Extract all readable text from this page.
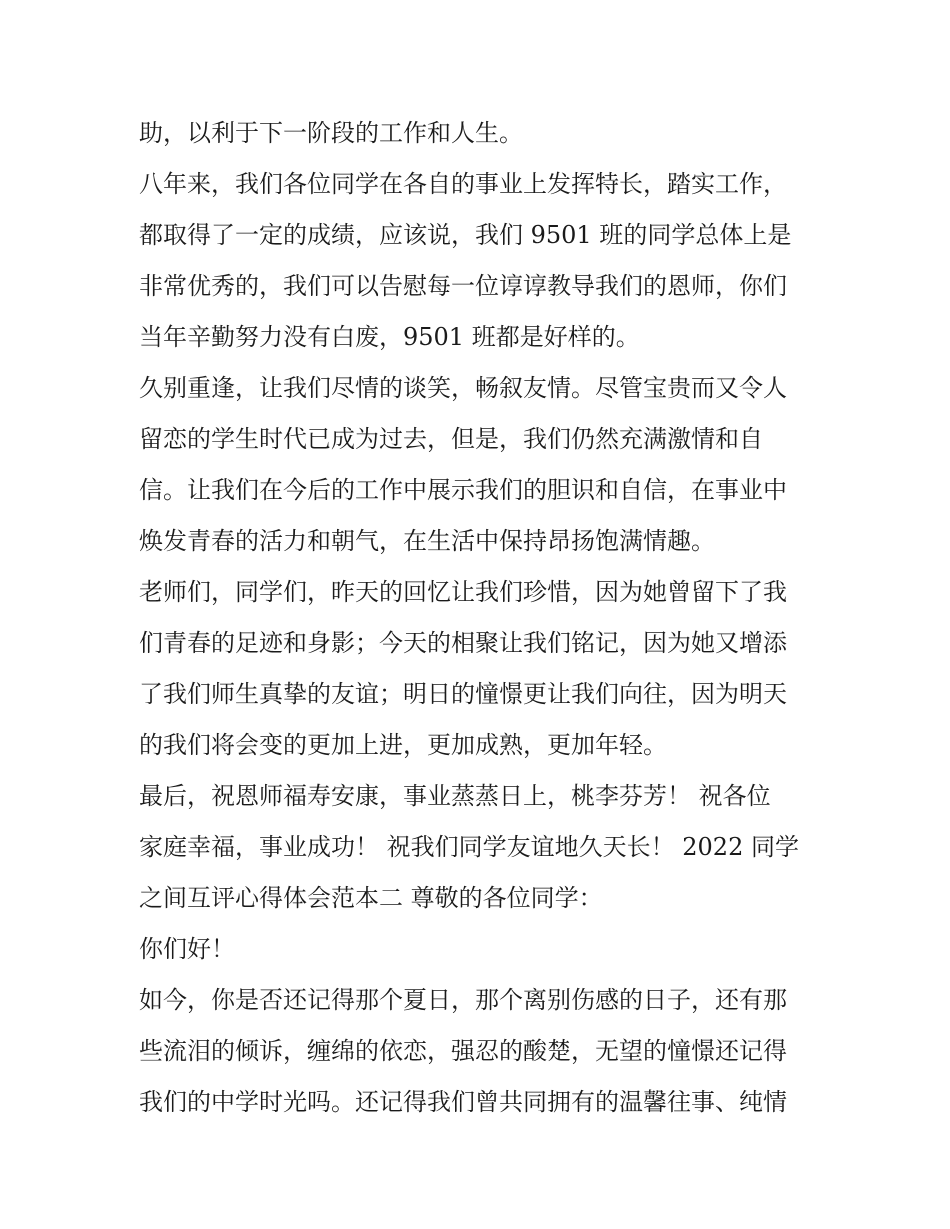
助，以利于下一阶段的工作和人生。
八年来，我们各位同学在各自的事业上发挥特长，踏实工作，
都取得了一定的成绩，应该说，我们 9501 班的同学总体上是
非常优秀的，我们可以告慰每一位谆谆教导我们的恩师，你们
当年辛勤努力没有白废，9501 班都是好样的。
久别重逢，让我们尽情的谈笑，畅叙友情。尽管宝贵而又令人
留恋的学生时代已成为过去，但是，我们仍然充满激情和自
信。让我们在今后的工作中展示我们的胆识和自信，在事业中
焕发青春的活力和朝气，在生活中保持昂扬饱满情趣。
老师们，同学们，昨天的回忆让我们珍惜，因为她曾留下了我
们青春的足迹和身影；今天的相聚让我们铭记，因为她又增添
了我们师生真挚的友谊；明日的憧憬更让我们向往，因为明天
的我们将会变的更加上进，更加成熟，更加年轻。
最后，祝恩师福寿安康，事业蒸蒸日上，桃李芬芳！ 祝各位
家庭幸福，事业成功！ 祝我们同学友谊地久天长！ 2022 同学
之间互评心得体会范本二 尊敬的各位同学：
你们好！
如今，你是否还记得那个夏日，那个离别伤感的日子，还有那
些流泪的倾诉，缠绵的依恋，强忍的酸楚，无望的憧憬还记得
我们的中学时光吗。还记得我们曾共同拥有的温馨往事、纯情
